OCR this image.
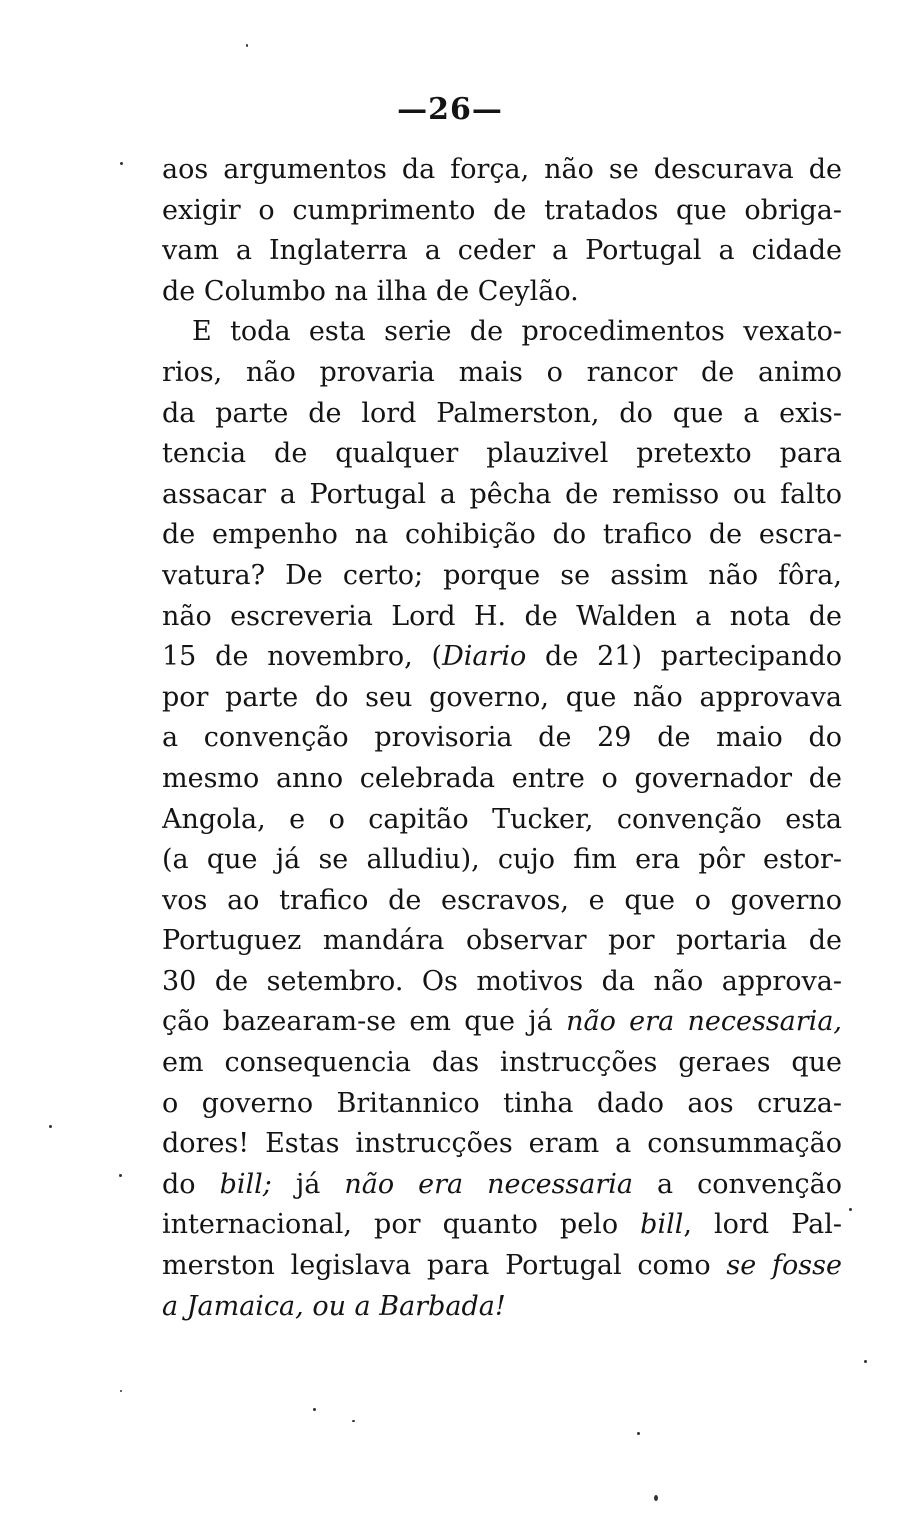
—26—
aos argumentos da força, não se descurava de
exigir o cumprimento de tratados que obriga-
vam a Inglaterra a ceder a Portugal a cidade
de Columbo na ilha de Ceylão.
E toda esta serie de procedimentos vexato-
rios, não provaria mais o rancor de animo
da parte de lord Palmerston, do que a exis-
tencia de qualquer plauzivel pretexto para
assacar a Portugal a pêcha de remisso ou falto
de empenho na cohibição do trafico de escra-
vatura? De certo; porque se assim não fôra,
não escreveria Lord H. de Walden a nota de
15 de novembro, (Diario de 21) partecipando
por parte do seu governo, que não approvava
a convenção provisoria de 29 de maio do
mesmo anno celebrada entre o governador de
Angola, e o capitão Tucker, convenção esta
(a que já se alludiu), cujo fim era pôr estor-
vos ao trafico de escravos, e que o governo
Portuguez mandára observar por portaria de
30 de setembro. Os motivos da não approva-
ção bazearam-se em que já não era necessaria,
em consequencia das instrucções geraes que
o governo Britannico tinha dado aos cruza-
dores! Estas instrucções eram a consummação
do bill; já não era necessaria a convenção
internacional, por quanto pelo bill, lord Pal-
merston legislava para Portugal como se fosse
a Jamaica, ou a Barbada!
